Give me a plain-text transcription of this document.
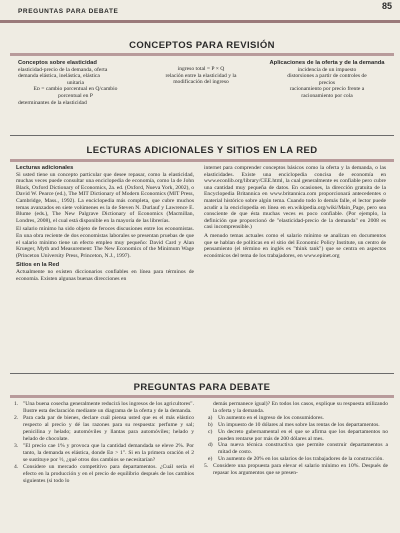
PREGUNTAS PARA DEBATE
85
CONCEPTOS PARA REVISIÓN
Conceptos sobre elasticidad
elasticidad-precio de la demanda, oferta
demanda elástica, inelástica, elástica
unitaria
Eᴅ = cambio porcentual en Q/cambio
porcentual en P
determinantes de la elasticidad
ingreso total = P × Q
relación entre la elasticidad y la
modificación del ingreso
Aplicaciones de la oferta y de la demanda
incidencia de un impuesto
distorsiones a partir de controles de
precios
racionamiento por precio frente a
racionamiento por cola
LECTURAS ADICIONALES Y SITIOS EN LA RED
Lecturas adicionales
Si usted tiene un concepto particular que desee repasar, como la elasticidad, muchas veces puede consultar una enciclopedia de economía, como la de John Black, Oxford Dictionary of Economics, 2a. ed. (Oxford, Nueva York, 2002), o David W. Pearce (ed.), The MIT Dictionary of Modern Economics (MIT Press, Cambridge, Mass., 1992). La enciclopedia más completa, que cubre muchos temas avanzados en siete volúmenes es la de Steven N. Durlauf y Lawrence E. Blume (eds.), The New Palgrave Dictionary of Economics (Macmillan, Londres, 2008), el cual está disponible en la mayoría de las librerías.
El salario mínimo ha sido objeto de feroces discusiones entre los economistas. En una obra reciente de dos economistas laborales se presentan pruebas de que el salario mínimo tiene un efecto empleo muy pequeño: David Card y Alan Krueger, Myth and Measurement: The New Economics of the Minimum Wage (Princeton University Press, Princeton, N.J., 1997).
Sitios en la Red
Actualmente no existen diccionarios confiables en línea para términos de economía. Existen algunas buenas direcciones en
internet para comprender conceptos básicos como la oferta y la demanda, o las elasticidades. Existe una enciclopedia concisa de economía en www.econlib.org/library/CEE.html, la cual generalmente es confiable pero cubre una cantidad muy pequeña de datos. En ocasiones, la dirección gratuita de la Encyclopedia Britannica en www.britannica.com proporcionará antecedentes o material histórico sobre algún tema. Cuando todo lo demás falle, el lector puede acudir a la enciclopedia en línea en en.wikipedia.org/wiki/Main_Page, pero sea consciente de que ésta muchas veces es poco confiable. (Por ejemplo, la definición que proporcionó de "elasticidad-precio de la demanda" en 2008 es casi incomprensible.)
A menudo temas actuales como el salario mínimo se analizan en documentos que se hablan de políticas en el sitio del Economic Policy Institute, un centro de pensamiento (el término en inglés es "think tank") que se centra en aspectos económicos del tema de los trabajadores, en www.epinet.org
PREGUNTAS PARA DEBATE
1. "Una buena cosecha generalmente reducirá los ingresos de los agricultores". Ilustre esta declaración mediante un diagrama de la oferta y de la demanda.
2. Para cada par de bienes, declare cuál piensa usted que es el más elástico respecto al precio y dé las razones para su respuesta: perfume y sal; penicilina y helado; automóviles y llantas para automóviles; helado y helado de chocolate.
3. "El precio cae 1% y provoca que la cantidad demandada se eleve 2%. Por tanto, la demanda es elástica, donde Eᴅ > 1". Si en la primera oración el 2 se sustituye por ½, ¿qué otros dos cambios se necesitarían?
4. Considere un mercado competitivo para departamentos. ¿Cuál sería el efecto en la producción y en el precio de equilibrio después de los cambios siguientes (si todo lo
demás permanece igual)? En todos los casos, explique su respuesta utilizando la oferta y la demanda.
a)	Un aumento en el ingreso de los consumidores.
b) Un impuesto de 10 dólares al mes sobre las rentas de los departamentos.
c)	Un decreto gubernamental en el que se afirma que los departamentos no pueden rentarse por más de 200 dólares al mes.
d) Una nueva técnica constructiva que permite construir departamentos a mitad de costo.
e)	Un aumento de 20% en los salarios de los trabajadores de la construcción.
5. Considere una propuesta para elevar el salario mínimo en 10%. Después de repasar los argumentos que se presen-
